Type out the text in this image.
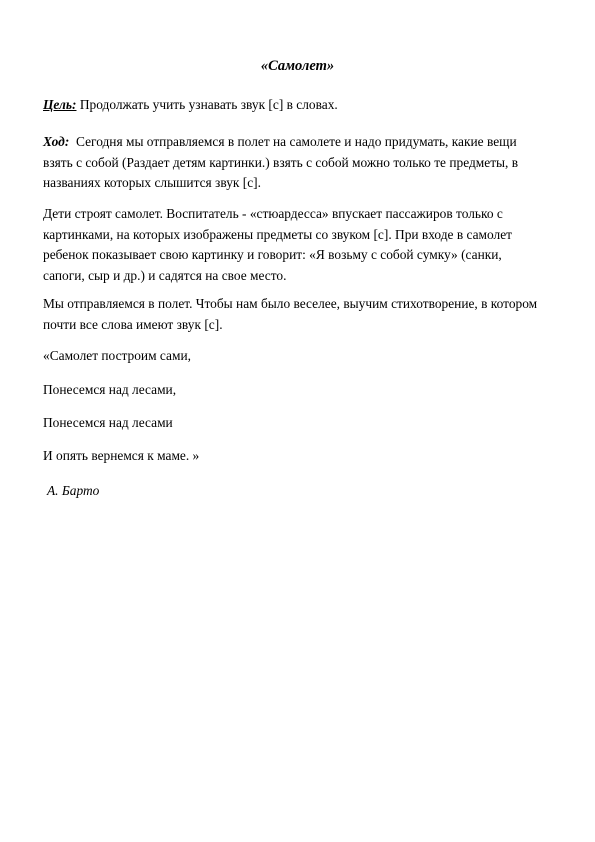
«Самолет»
Цель: Продолжать учить узнавать звук [с] в словах.
Ход:  Сегодня мы отправляемся в полет на самолете и надо придумать, какие вещи
взять с собой (Раздает детям картинки.) взять с собой можно только те предметы, в
названиях которых слышится звук [с].
Дети строят самолет. Воспитатель - «стюардесса» впускает пассажиров только с
картинками, на которых изображены предметы со звуком [с]. При входе в самолет
ребенок показывает свою картинку и говорит: «Я возьму с собой сумку» (санки,
сапоги, сыр и др.) и садятся на свое место.
Мы отправляемся в полет. Чтобы нам было веселее, выучим стихотворение, в котором
почти все слова имеют звук [с].
«Самолет построим сами,
Понесемся над лесами,
Понесемся над лесами
И опять вернемся к маме. »
А. Барто
